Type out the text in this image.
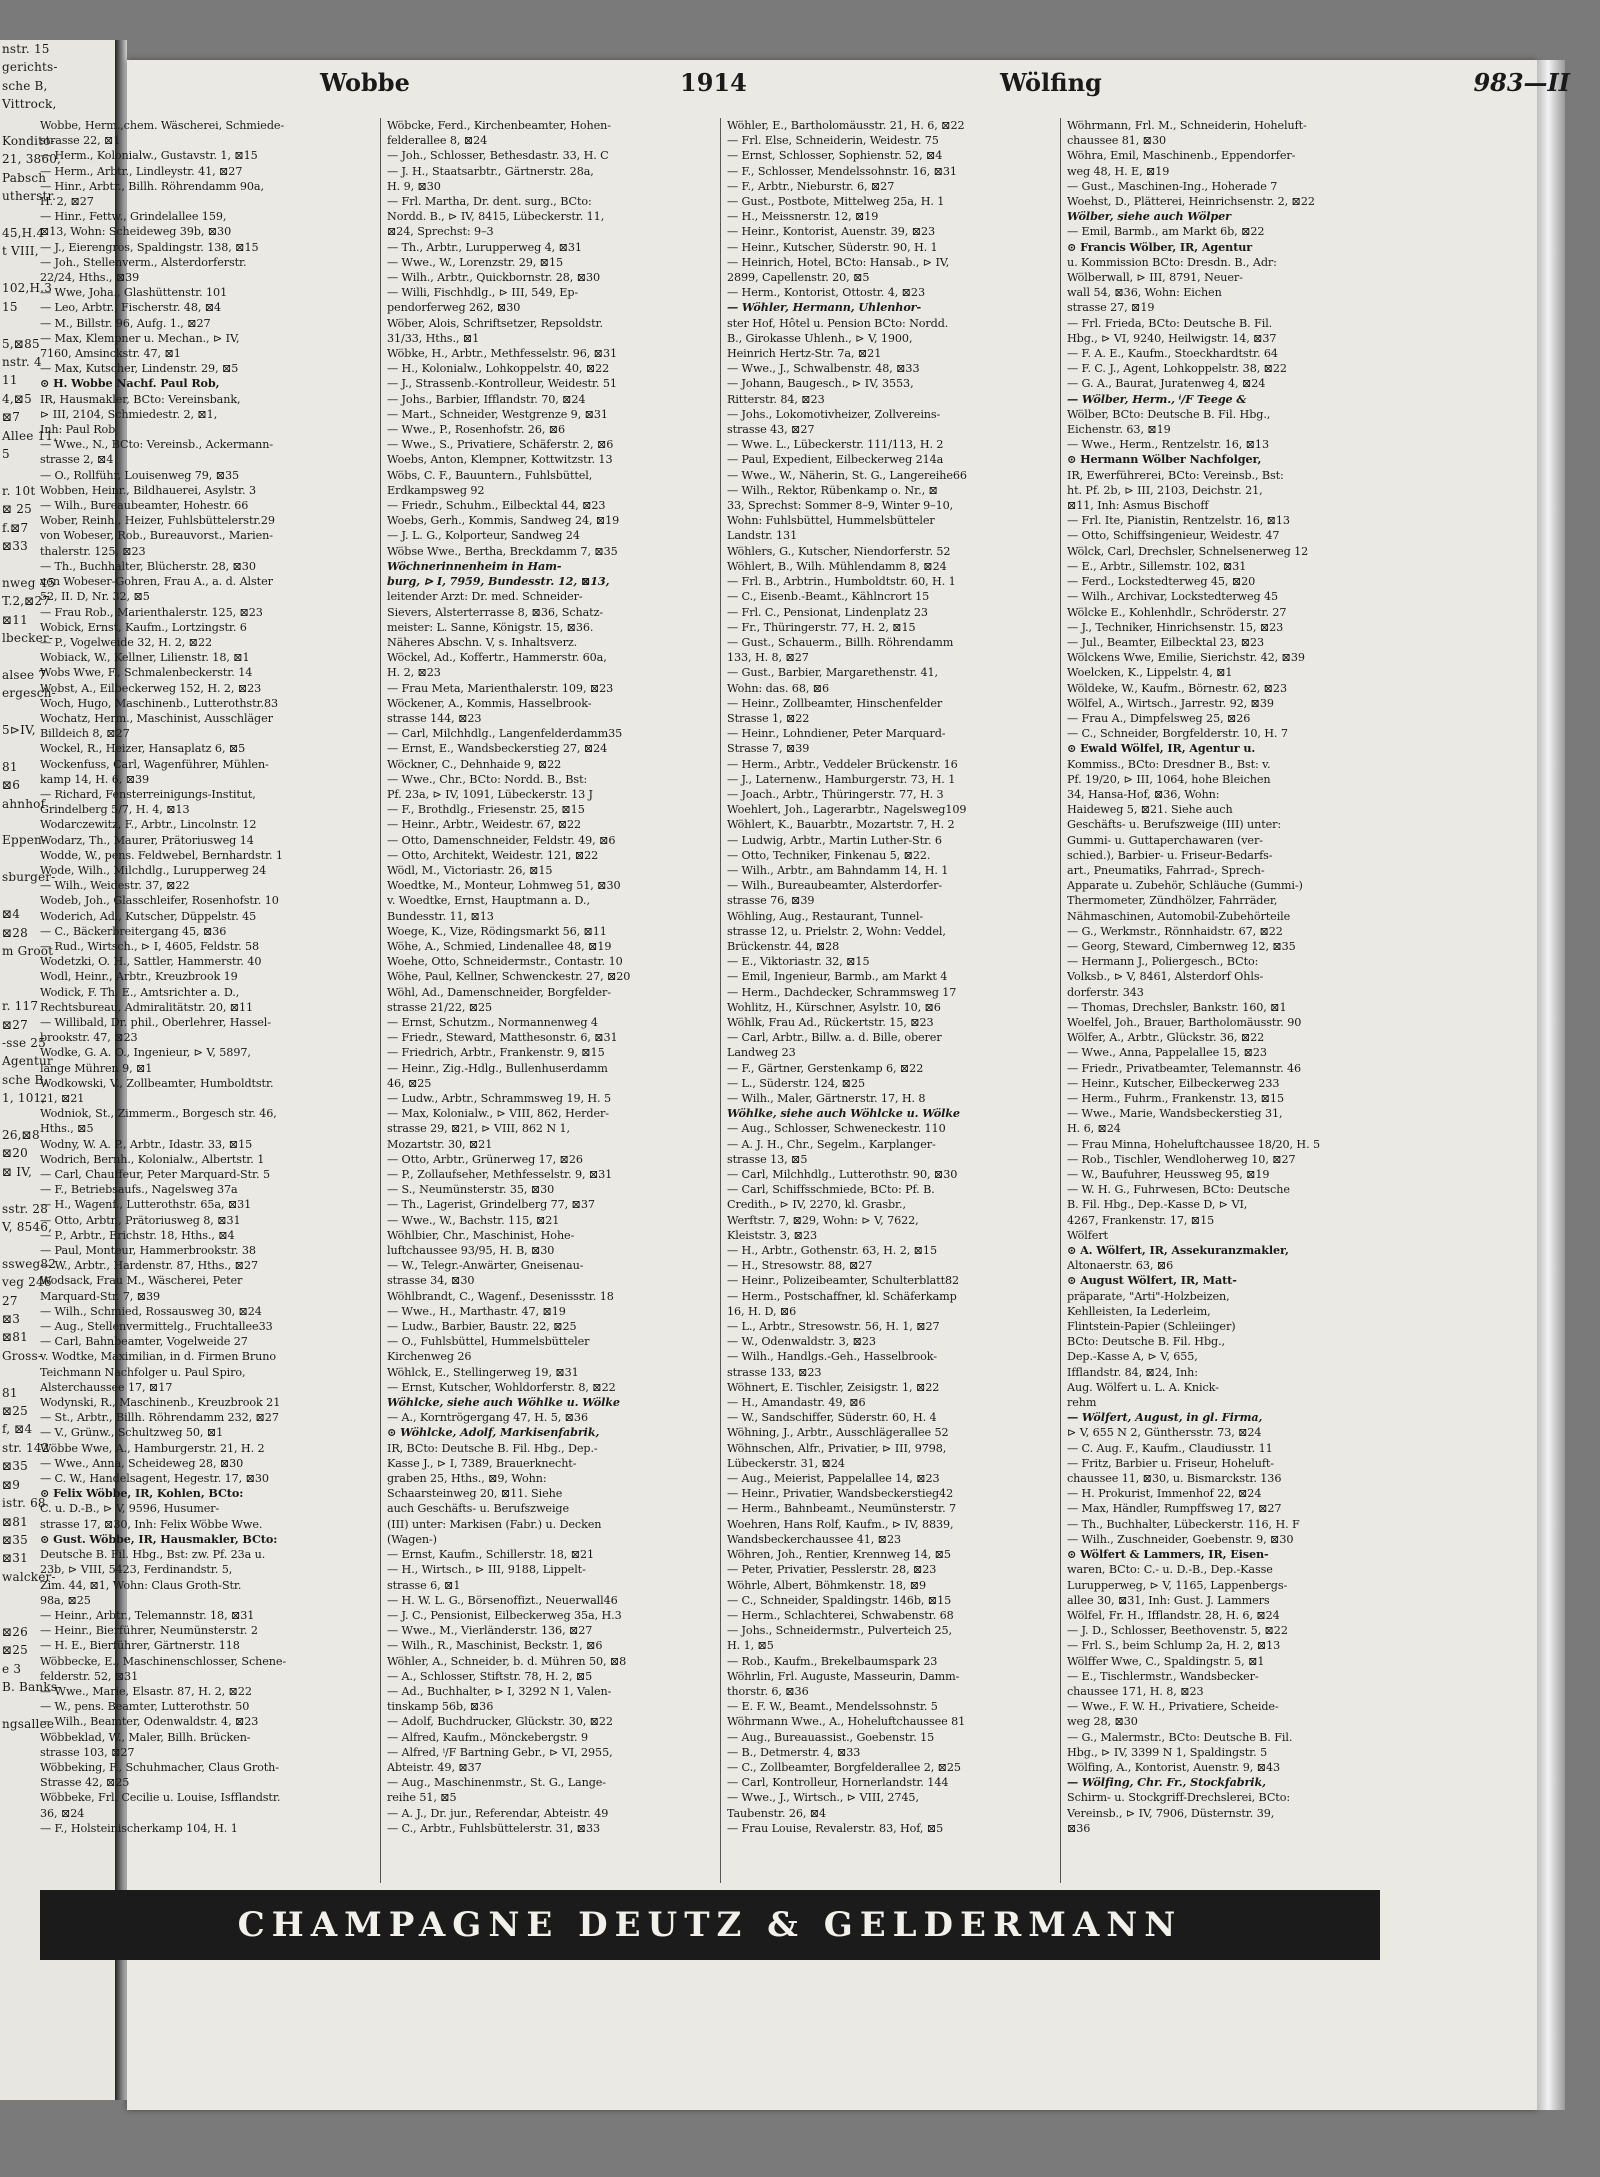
nstr. 15
gerichts-
sche B,
Vittrock,

Kondito-
21, 3860,
Pabsch
utherstr.

45,H.4
t VIII,

102,H.3
15

5,⊠85
nstr. 4
11
4,⊠5
⊠7
Allee 11,
5

r. 10t
⊠ 25
f.⊠7
⊠33

nweg 45
T.2,⊠27
⊠11
lbecker-

alsee 7
ergesch-

5⊳IV,

81
⊠6
ahnhof

Eppen-

sburger-

⊠4
⊠28
m Groot

r. 117
⊠27
-sse 25
Agentur
sche B,
1, 101,

26,⊠8
⊠20
⊠ IV,

sstr. 28
V, 8546,

ssweg82
veg 246
27
⊠3
⊠81
Gross-

81
⊠25
f, ⊠4
str. 142
⊠35
⊠9
istr. 68
⊠81
⊠35
⊠31
walcker-

⊠26
⊠25
e 3
B. Banks-

ngsallee
Wobbe	1914	Wölfing	983—II
Wobbe, Herm.,chem. Wäscherei, Schmiede-
strasse 22, ⊠1
— Herm., Kolonialw., Gustavstr. 1, ⊠15
— Herm., Arbtr., Lindleystr. 41, ⊠27
— Hinr., Arbtr., Billh. Röhrendamm 90a,
H. 2, ⊠27
— Hinr., Fettw., Grindelallee 159,
⊠13, Wohn: Scheideweg 39b, ⊠30
— J., Eierengros, Spaldingstr. 138, ⊠15
— Joh., Stellenverm., Alsterdorferstr.
22/24, Hths., ⊠39
— Wwe, Joha., Glashüttenstr. 101
— Leo, Arbtr., Fischerstr. 48, ⊠4
— M., Billstr. 96, Aufg. 1., ⊠27
— Max, Klempner u. Mechan., ⊳ IV,
7160, Amsinckstr. 47, ⊠1
— Max, Kutscher, Lindenstr. 29, ⊠5
⊙ H. Wobbe Nachf. Paul Rob,
IR, Hausmakler, BCto: Vereinsbank,
⊳ III, 2104, Schmiedestr. 2, ⊠1,
Inh: Paul Rob
— Wwe., N., BCto: Vereinsb., Ackermann-
strasse 2, ⊠4
— O., Rollführ, Louisenweg 79, ⊠35
Wobben, Heinr., Bildhauerei, Asylstr. 3
— Wilh., Bureaubeamter, Hohestr. 66
Wober, Reinh., Heizer, Fuhlsbüttelerstr.29
von Wobeser, Rob., Bureauvorst., Marien-
thalerstr. 125, ⊠23
— Th., Buchhalter, Blücherstr. 28, ⊠30
von Wobeser-Gohren, Frau A., a. d. Alster
52, II. D, Nr. 32, ⊠5
— Frau Rob., Marienthalerstr. 125, ⊠23
Wobick, Ernst, Kaufm., Lortzingstr. 6
— P., Vogelweide 32, H. 2, ⊠22
Wobiack, W., Kellner, Lilienstr. 18, ⊠1
Wobs Wwe, F., Schmalenbeckerstr. 14
Wobst, A., Eilbeckerweg 152, H. 2, ⊠23
Woch, Hugo, Maschinenb., Lutterothstr.83
Wochatz, Herm., Maschinist, Ausschläger
Billdeich 8, ⊠27
Wockel, R., Heizer, Hansaplatz 6, ⊠5
Wockenfuss, Carl, Wagenführer, Mühlen-
kamp 14, H. 6, ⊠39
— Richard, Fensterreinigungs-Institut,
Grindelberg 5/7, H. 4, ⊠13
Wodarczewitz, F., Arbtr., Lincolnstr. 12
Wodarz, Th., Maurer, Prätoriusweg 14
Wodde, W., pens. Feldwebel, Bernhardstr. 1
Wode, Wilh., Milchdlg., Lurupperweg 24
— Wilh., Weidestr. 37, ⊠22
Wodeb, Joh., Glasschleifer, Rosenhofstr. 10
Woderich, Ad., Kutscher, Düppelstr. 45
— C., Bäckerbreitergang 45, ⊠36
— Rud., Wirtsch., ⊳ I, 4605, Feldstr. 58
Wodetzki, O. H., Sattler, Hammerstr. 40
Wodl, Heinr., Arbtr., Kreuzbrook 19
Wodick, F. Th. E., Amtsrichter a. D.,
Rechtsbureau, Admiralitätstr. 20, ⊠11
— Willibald, Dr. phil., Oberlehrer, Hassel-
brookstr. 47, ⊠23
Wodke, G. A. O., Ingenieur, ⊳ V, 5897,
lange Mühren 9, ⊠1
Wodkowski, V., Zollbeamter, Humboldtstr.
21, ⊠21
Wodniok, St., Zimmerm., Borgesch str. 46,
Hths., ⊠5
Wodny, W. A. P., Arbtr., Idastr. 33, ⊠15
Wodrich, Bernh., Kolonialw., Albertstr. 1
— Carl, Chauffeur, Peter Marquard-Str. 5
— F., Betriebsaufs., Nagelsweg 37a
— H., Wagenf., Lutterothstr. 65a, ⊠31
— Otto, Arbtr., Prätoriusweg 8, ⊠31
— P., Arbtr., Erichstr. 18, Hths., ⊠4
— Paul, Monteur, Hammerbrookstr. 38
— W., Arbtr., Hardenstr. 87, Hths., ⊠27
Wodsack, Frau M., Wäscherei, Peter
Marquard-Str. 7, ⊠39
— Wilh., Schmied, Rossausweg 30, ⊠24
— Aug., Stellenvermittelg., Fruchtallee33
— Carl, Bahnbeamter, Vogelweide 27
v. Wodtke, Maximilian, in d. Firmen Bruno
Teichmann Nachfolger u. Paul Spiro,
Alsterchaussee 17, ⊠17
Wodynski, R., Maschinenb., Kreuzbrook 21
— St., Arbtr., Billh. Röhrendamm 232, ⊠27
— V., Grünw., Schultzweg 50, ⊠1
Wöbbe Wwe, A., Hamburgerstr. 21, H. 2
— Wwe., Anna, Scheideweg 28, ⊠30
— C. W., Handelsagent, Hegestr. 17, ⊠30
⊙ Felix Wöbbe, IR, Kohlen, BCto:
C. u. D.-B., ⊳ V, 9596, Husumer-
strasse 17, ⊠30, Inh: Felix Wöbbe Wwe.
⊙ Gust. Wöbbe, IR, Hausmakler, BCto:
Deutsche B. Fil. Hbg., Bst: zw. Pf. 23a u.
23b, ⊳ VIII, 5423, Ferdinandstr. 5,
Zim. 44, ⊠1, Wohn: Claus Groth-Str.
98a, ⊠25
— Heinr., Arbtr., Telemannstr. 18, ⊠31
— Heinr., Bierführer, Neumünsterstr. 2
— H. E., Bierführer, Gärtnerstr. 118
Wöbbecke, E., Maschinenschlosser, Schene-
felderstr. 52, ⊠31
— Wwe., Marie, Elsastr. 87, H. 2, ⊠22
— W., pens. Beamter, Lutterothstr. 50
— Wilh., Beamter, Odenwaldstr. 4, ⊠23
Wöbbeklad, W., Maler, Billh. Brücken-
strasse 103, ⊠27
Wöbbeking, F., Schuhmacher, Claus Groth-
Strasse 42, ⊠25
Wöbbeke, Frl. Cecilie u. Louise, Isfflandstr.
36, ⊠24
— F., Holsteinischerkamp 104, H. 1
Wöbcke, Ferd., Kirchenbeamter, Hohen-
felderallee 8, ⊠24
— Joh., Schlosser, Bethesdastr. 33, H. C
— J. H., Staatsarbtr., Gärtnerstr. 28a,
H. 9, ⊠30
— Frl. Martha, Dr. dent. surg., BCto:
Nordd. B., ⊳ IV, 8415, Lübeckerstr. 11,
⊠24, Sprechst: 9–3
— Th., Arbtr., Lurupperweg 4, ⊠31
— Wwe., W., Lorenzstr. 29, ⊠15
— Wilh., Arbtr., Quickbornstr. 28, ⊠30
— Willi, Fischhdlg., ⊳ III, 549, Ep-
pendorferweg 262, ⊠30
Wöber, Alois, Schriftsetzer, Repsoldstr.
31/33, Hths., ⊠1
Wöbke, H., Arbtr., Methfesselstr. 96, ⊠31
— H., Kolonialw., Lohkoppelstr. 40, ⊠22
— J., Strassenb.-Kontrolleur, Weidestr. 51
— Johs., Barbier, Ifflandstr. 70, ⊠24
— Mart., Schneider, Westgrenze 9, ⊠31
— Wwe., P., Rosenhofstr. 26, ⊠6
— Wwe., S., Privatiere, Schäferstr. 2, ⊠6
Woebs, Anton, Klempner, Kottwitzstr. 13
Wöbs, C. F., Bauuntern., Fuhlsbüttel,
Erdkampsweg 92
— Friedr., Schuhm., Eilbecktal 44, ⊠23
Woebs, Gerh., Kommis, Sandweg 24, ⊠19
— J. L. G., Kolporteur, Sandweg 24
Wöbse Wwe., Bertha, Breckdamm 7, ⊠35
Wöchnerinnenheim in Ham-
burg, ⊳ I, 7959, Bundesstr. 12, ⊠13,
leitender Arzt: Dr. med. Schneider-
Sievers, Alsterterrasse 8, ⊠36, Schatz-
meister: L. Sanne, Königstr. 15, ⊠36.
Näheres Abschn. V, s. Inhaltsverz.
Wöckel, Ad., Koffertr., Hammerstr. 60a,
H. 2, ⊠23
— Frau Meta, Marienthalerstr. 109, ⊠23
Wöckener, A., Kommis, Hasselbrook-
strasse 144, ⊠23
— Carl, Milchhdlg., Langenfelderdamm35
— Ernst, E., Wandsbeckerstieg 27, ⊠24
Wöckner, C., Dehnhaide 9, ⊠22
— Wwe., Chr., BCto: Nordd. B., Bst:
Pf. 23a, ⊳ IV, 1091, Lübeckerstr. 13 J
— F., Brothdlg., Friesenstr. 25, ⊠15
— Heinr., Arbtr., Weidestr. 67, ⊠22
— Otto, Damenschneider, Feldstr. 49, ⊠6
— Otto, Architekt, Weidestr. 121, ⊠22
Wödl, M., Victoriastr. 26, ⊠15
Woedtke, M., Monteur, Lohmweg 51, ⊠30
v. Woedtke, Ernst, Hauptmann a. D.,
Bundesstr. 11, ⊠13
Woege, K., Vize, Rödingsmarkt 56, ⊠11
Wöhe, A., Schmied, Lindenallee 48, ⊠19
Woehe, Otto, Schneidermstr., Contastr. 10
Wöhe, Paul, Kellner, Schwenckestr. 27, ⊠20
Wöhl, Ad., Damenschneider, Borgfelder-
strasse 21/22, ⊠25
— Ernst, Schutzm., Normannenweg 4
— Friedr., Steward, Matthesonstr. 6, ⊠31
— Friedrich, Arbtr., Frankenstr. 9, ⊠15
— Heinr., Zig.-Hdlg., Bullenhuserdamm
46, ⊠25
— Ludw., Arbtr., Schrammsweg 19, H. 5
— Max, Kolonialw., ⊳ VIII, 862, Herder-
strasse 29, ⊠21, ⊳ VIII, 862 N 1,
Mozartstr. 30, ⊠21
— Otto, Arbtr., Grünerweg 17, ⊠26
— P., Zollaufseher, Methfesselstr. 9, ⊠31
— S., Neumünsterstr. 35, ⊠30
— Th., Lagerist, Grindelberg 77, ⊠37
— Wwe., W., Bachstr. 115, ⊠21
Wöhlbier, Chr., Maschinist, Hohe-
luftchaussee 93/95, H. B, ⊠30
— W., Telegr.-Anwärter, Gneisenau-
strasse 34, ⊠30
Wöhlbrandt, C., Wagenf., Desenissstr. 18
— Wwe., H., Marthastr. 47, ⊠19
— Ludw., Barbier, Baustr. 22, ⊠25
— O., Fuhlsbüttel, Hummelsbütteler
Kirchenweg 26
Wöhlck, E., Stellingerweg 19, ⊠31
— Ernst, Kutscher, Wohldorferstr. 8, ⊠22
Wöhlcke, siehe auch Wöhlke u. Wölke
— A., Korntrögergang 47, H. 5, ⊠36
⊙ Wöhlcke, Adolf, Markisenfabrik,
IR, BCto: Deutsche B. Fil. Hbg., Dep.-
Kasse J., ⊳ I, 7389, Brauerknecht-
graben 25, Hths., ⊠9, Wohn:
Schaarsteinweg 20, ⊠11. Siehe
auch Geschäfts- u. Berufszweige
(III) unter: Markisen (Fabr.) u. Decken
(Wagen-)
— Ernst, Kaufm., Schillerstr. 18, ⊠21
— H., Wirtsch., ⊳ III, 9188, Lippelt-
strasse 6, ⊠1
— H. W. L. G., Börsenoffizt., Neuerwall46
— J. C., Pensionist, Eilbeckerweg 35a, H.3
— Wwe., M., Vierländerstr. 136, ⊠27
— Wilh., R., Maschinist, Beckstr. 1, ⊠6
Wöhler, A., Schneider, b. d. Mühren 50, ⊠8
— A., Schlosser, Stiftstr. 78, H. 2, ⊠5
— Ad., Buchhalter, ⊳ I, 3292 N 1, Valen-
tinskamp 56b, ⊠36
— Adolf, Buchdrucker, Glückstr. 30, ⊠22
— Alfred, Kaufm., Mönckebergstr. 9
— Alfred, ⁱ/F Bartning Gebr., ⊳ VI, 2955,
Abteistr. 49, ⊠37
— Aug., Maschinenmstr., St. G., Lange-
reihe 51, ⊠5
— A. J., Dr. jur., Referendar, Abteistr. 49
— C., Arbtr., Fuhlsbüttelerstr. 31, ⊠33
Wöhler, E., Bartholomäusstr. 21, H. 6, ⊠22
— Frl. Else, Schneiderin, Weidestr. 75
— Ernst, Schlosser, Sophienstr. 52, ⊠4
— F., Schlosser, Mendelssohnstr. 16, ⊠31
— F., Arbtr., Nieburstr. 6, ⊠27
— Gust., Postbote, Mittelweg 25a, H. 1
— H., Meissnerstr. 12, ⊠19
— Heinr., Kontorist, Auenstr. 39, ⊠23
— Heinr., Kutscher, Süderstr. 90, H. 1
— Heinrich, Hotel, BCto: Hansab., ⊳ IV,
2899, Capellenstr. 20, ⊠5
— Herm., Kontorist, Ottostr. 4, ⊠23
— Wöhler, Hermann, Uhlenhor-
ster Hof, Hôtel u. Pension BCto: Nordd.
B., Girokasse Uhlenh., ⊳ V, 1900,
Heinrich Hertz-Str. 7a, ⊠21
— Wwe., J., Schwalbenstr. 48, ⊠33
— Johann, Baugesch., ⊳ IV, 3553,
Ritterstr. 84, ⊠23
— Johs., Lokomotivheizer, Zollvereins-
strasse 43, ⊠27
— Wwe. L., Lübeckerstr. 111/113, H. 2
— Paul, Expedient, Eilbeckerweg 214a
— Wwe., W., Näherin, St. G., Langereihe66
— Wilh., Rektor, Rübenkamp o. Nr., ⊠
33, Sprechst: Sommer 8–9, Winter 9–10,
Wohn: Fuhlsbüttel, Hummelsbütteler
Landstr. 131
Wöhlers, G., Kutscher, Niendorferstr. 52
Wöhlert, B., Wilh. Mühlendamm 8, ⊠24
— Frl. B., Arbtrin., Humboldtstr. 60, H. 1
— C., Eisenb.-Beamt., Kählncrort 15
— Frl. C., Pensionat, Lindenplatz 23
— Fr., Thüringerstr. 77, H. 2, ⊠15
— Gust., Schauerm., Billh. Röhrendamm
133, H. 8, ⊠27
— Gust., Barbier, Margarethenstr. 41,
Wohn: das. 68, ⊠6
— Heinr., Zollbeamter, Hinschenfelder
Strasse 1, ⊠22
— Heinr., Lohndiener, Peter Marquard-
Strasse 7, ⊠39
— Herm., Arbtr., Veddeler Brückenstr. 16
— J., Laternenw., Hamburgerstr. 73, H. 1
— Joach., Arbtr., Thüringerstr. 77, H. 3
Woehlert, Joh., Lagerarbtr., Nagelsweg109
Wöhlert, K., Bauarbtr., Mozartstr. 7, H. 2
— Ludwig, Arbtr., Martin Luther-Str. 6
— Otto, Techniker, Finkenau 5, ⊠22.
— Wilh., Arbtr., am Bahndamm 14, H. 1
— Wilh., Bureaubeamter, Alsterdorfer-
strasse 76, ⊠39
Wöhling, Aug., Restaurant, Tunnel-
strasse 12, u. Prielstr. 2, Wohn: Veddel,
Brückenstr. 44, ⊠28
— E., Viktoriastr. 32, ⊠15
— Emil, Ingenieur, Barmb., am Markt 4
— Herm., Dachdecker, Schrammsweg 17
Wohlitz, H., Kürschner, Asylstr. 10, ⊠6
Wöhlk, Frau Ad., Rückertstr. 15, ⊠23
— Carl, Arbtr., Billw. a. d. Bille, oberer
Landweg 23
— F., Gärtner, Gerstenkamp 6, ⊠22
— L., Süderstr. 124, ⊠25
— Wilh., Maler, Gärtnerstr. 17, H. 8
Wöhlke, siehe auch Wöhlcke u. Wölke
— Aug., Schlosser, Schweneckestr. 110
— A. J. H., Chr., Segelm., Karplanger-
strasse 13, ⊠5
— Carl, Milchhdlg., Lutterothstr. 90, ⊠30
— Carl, Schiffsschmiede, BCto: Pf. B.
Credith., ⊳ IV, 2270, kl. Grasbr.,
Werftstr. 7, ⊠29, Wohn: ⊳ V, 7622,
Kleiststr. 3, ⊠23
— H., Arbtr., Gothenstr. 63, H. 2, ⊠15
— H., Stresowstr. 88, ⊠27
— Heinr., Polizeibeamter, Schulterblatt82
— Herm., Postschaffner, kl. Schäferkamp
16, H. D, ⊠6
— L., Arbtr., Stresowstr. 56, H. 1, ⊠27
— W., Odenwaldstr. 3, ⊠23
— Wilh., Handlgs.-Geh., Hasselbrook-
strasse 133, ⊠23
Wöhnert, E. Tischler, Zeisigstr. 1, ⊠22
— H., Amandastr. 49, ⊠6
— W., Sandschiffer, Süderstr. 60, H. 4
Wöhning, J., Arbtr., Ausschlägerallee 52
Wöhnschen, Alfr., Privatier, ⊳ III, 9798,
Lübeckerstr. 31, ⊠24
— Aug., Meierist, Pappelallee 14, ⊠23
— Heinr., Privatier, Wandsbeckerstieg42
— Herm., Bahnbeamt., Neumünsterstr. 7
Woehren, Hans Rolf, Kaufm., ⊳ IV, 8839,
Wandsbeckerchaussee 41, ⊠23
Wöhren, Joh., Rentier, Krennweg 14, ⊠5
— Peter, Privatier, Pesslerstr. 28, ⊠23
Wöhrle, Albert, Böhmkenstr. 18, ⊠9
— C., Schneider, Spaldingstr. 146b, ⊠15
— Herm., Schlachterei, Schwabenstr. 68
— Johs., Schneidermstr., Pulverteich 25,
H. 1, ⊠5
— Rob., Kaufm., Brekelbaumspark 23
Wöhrlin, Frl. Auguste, Masseurin, Damm-
thorstr. 6, ⊠36
— E. F. W., Beamt., Mendelssohnstr. 5
Wöhrmann Wwe., A., Hoheluftchaussee 81
— Aug., Bureauassist., Goebenstr. 15
— B., Detmerstr. 4, ⊠33
— C., Zollbeamter, Borgfelderallee 2, ⊠25
— Carl, Kontrolleur, Hornerlandstr. 144
— Wwe., J., Wirtsch., ⊳ VIII, 2745,
Taubenstr. 26, ⊠4
— Frau Louise, Revalerstr. 83, Hof, ⊠5
Wöhrmann, Frl. M., Schneiderin, Hoheluft-
chaussee 81, ⊠30
Wöhra, Emil, Maschinenb., Eppendorfer-
weg 48, H. E, ⊠19
— Gust., Maschinen-Ing., Hoherade 7
Woehst, D., Plätterei, Heinrichsenstr. 2, ⊠22
Wölber, siehe auch Wölper
— Emil, Barmb., am Markt 6b, ⊠22
⊙ Francis Wölber, IR, Agentur
u. Kommission BCto: Dresdn. B., Adr:
Wölberwall, ⊳ III, 8791, Neuer-
wall 54, ⊠36, Wohn: Eichen
strasse 27, ⊠19
— Frl. Frieda, BCto: Deutsche B. Fil.
Hbg., ⊳ VI, 9240, Heilwigstr. 14, ⊠37
— F. A. E., Kaufm., Stoeckhardtstr. 64
— F. C. J., Agent, Lohkoppelstr. 38, ⊠22
— G. A., Baurat, Juratenweg 4, ⊠24
— Wölber, Herm., ⁱ/F Teege &
Wölber, BCto: Deutsche B. Fil. Hbg.,
Eichenstr. 63, ⊠19
— Wwe., Herm., Rentzelstr. 16, ⊠13
⊙ Hermann Wölber Nachfolger,
IR, Ewerführerei, BCto: Vereinsb., Bst:
ht. Pf. 2b, ⊳ III, 2103, Deichstr. 21,
⊠11, Inh: Asmus Bischoff
— Frl. Ite, Pianistin, Rentzelstr. 16, ⊠13
— Otto, Schiffsingenieur, Weidestr. 47
Wölck, Carl, Drechsler, Schnelsenerweg 12
— E., Arbtr., Sillemstr. 102, ⊠31
— Ferd., Lockstedterweg 45, ⊠20
— Wilh., Archivar, Lockstedterweg 45
Wölcke E., Kohlenhdlr., Schröderstr. 27
— J., Techniker, Hinrichsenstr. 15, ⊠23
— Jul., Beamter, Eilbecktal 23, ⊠23
Wölckens Wwe, Emilie, Sierichstr. 42, ⊠39
Woelcken, K., Lippelstr. 4, ⊠1
Wöldeke, W., Kaufm., Börnestr. 62, ⊠23
Wölfel, A., Wirtsch., Jarrestr. 92, ⊠39
— Frau A., Dimpfelsweg 25, ⊠26
— C., Schneider, Borgfelderstr. 10, H. 7
⊙ Ewald Wölfel, IR, Agentur u.
Kommiss., BCto: Dresdner B., Bst: v.
Pf. 19/20, ⊳ III, 1064, hohe Bleichen
34, Hansa-Hof, ⊠36, Wohn:
Haideweg 5, ⊠21. Siehe auch
Geschäfts- u. Berufszweige (III) unter:
Gummi- u. Guttaperchawaren (ver-
schied.), Barbier- u. Friseur-Bedarfs-
art., Pneumatiks, Fahrrad-, Sprech-
Apparate u. Zubehör, Schläuche (Gummi-)
Thermometer, Zündhölzer, Fahrräder,
Nähmaschinen, Automobil-Zubehörteile
— G., Werkmstr., Rönnhaidstr. 67, ⊠22
— Georg, Steward, Cimbernweg 12, ⊠35
— Hermann J., Poliergesch., BCto:
Volksb., ⊳ V, 8461, Alsterdorf Ohls-
dorferstr. 343
— Thomas, Drechsler, Bankstr. 160, ⊠1
Woelfel, Joh., Brauer, Bartholomäusstr. 90
Wölfer, A., Arbtr., Glückstr. 36, ⊠22
— Wwe., Anna, Pappelallee 15, ⊠23
— Friedr., Privatbeamter, Telemannstr. 46
— Heinr., Kutscher, Eilbeckerweg 233
— Herm., Fuhrm., Frankenstr. 13, ⊠15
— Wwe., Marie, Wandsbeckerstieg 31,
H. 6, ⊠24
— Frau Minna, Hoheluftchaussee 18/20, H. 5
— Rob., Tischler, Wendloherweg 10, ⊠27
— W., Baufuhrer, Heussweg 95, ⊠19
— W. H. G., Fuhrwesen, BCto: Deutsche
B. Fil. Hbg., Dep.-Kasse D, ⊳ VI,
4267, Frankenstr. 17, ⊠15
Wölfert
⊙ A. Wölfert, IR, Assekuranzmakler,
Altonaerstr. 63, ⊠6
⊙ August Wölfert, IR, Matt-
präparate, "Arti"-Holzbeizen,
Kehlleisten, Ia Lederleim,
Flintstein-Papier (Schleiinger)
BCto: Deutsche B. Fil. Hbg.,
Dep.-Kasse A, ⊳ V, 655,
Ifflandstr. 84, ⊠24, Inh:
Aug. Wölfert u. L. A. Knick-
rehm
— Wölfert, August, in gl. Firma,
⊳ V, 655 N 2, Günthersstr. 73, ⊠24
— C. Aug. F., Kaufm., Claudiusstr. 11
— Fritz, Barbier u. Friseur, Hoheluft-
chaussee 11, ⊠30, u. Bismarckstr. 136
— H. Prokurist, Immenhof 22, ⊠24
— Max, Händler, Rumpffsweg 17, ⊠27
— Th., Buchhalter, Lübeckerstr. 116, H. F
— Wilh., Zuschneider, Goebenstr. 9, ⊠30
⊙ Wölfert & Lammers, IR, Eisen-
waren, BCto: C.- u. D.-B., Dep.-Kasse
Lurupperweg, ⊳ V, 1165, Lappenbergs-
allee 30, ⊠31, Inh: Gust. J. Lammers
Wölfel, Fr. H., Ifflandstr. 28, H. 6, ⊠24
— J. D., Schlosser, Beethovenstr. 5, ⊠22
— Frl. S., beim Schlump 2a, H. 2, ⊠13
Wölffer Wwe, C., Spaldingstr. 5, ⊠1
— E., Tischlermstr., Wandsbecker-
chaussee 171, H. 8, ⊠23
— Wwe., F. W. H., Privatiere, Scheide-
weg 28, ⊠30
— G., Malermstr., BCto: Deutsche B. Fil.
Hbg., ⊳ IV, 3399 N 1, Spaldingstr. 5
Wölfing, A., Kontorist, Auenstr. 9, ⊠43
— Wölfing, Chr. Fr., Stockfabrik,
Schirm- u. Stockgriff-Drechslerei, BCto:
Vereinsb., ⊳ IV, 7906, Düsternstr. 39,
⊠36
CHAMPAGNE DEUTZ & GELDERMANN
